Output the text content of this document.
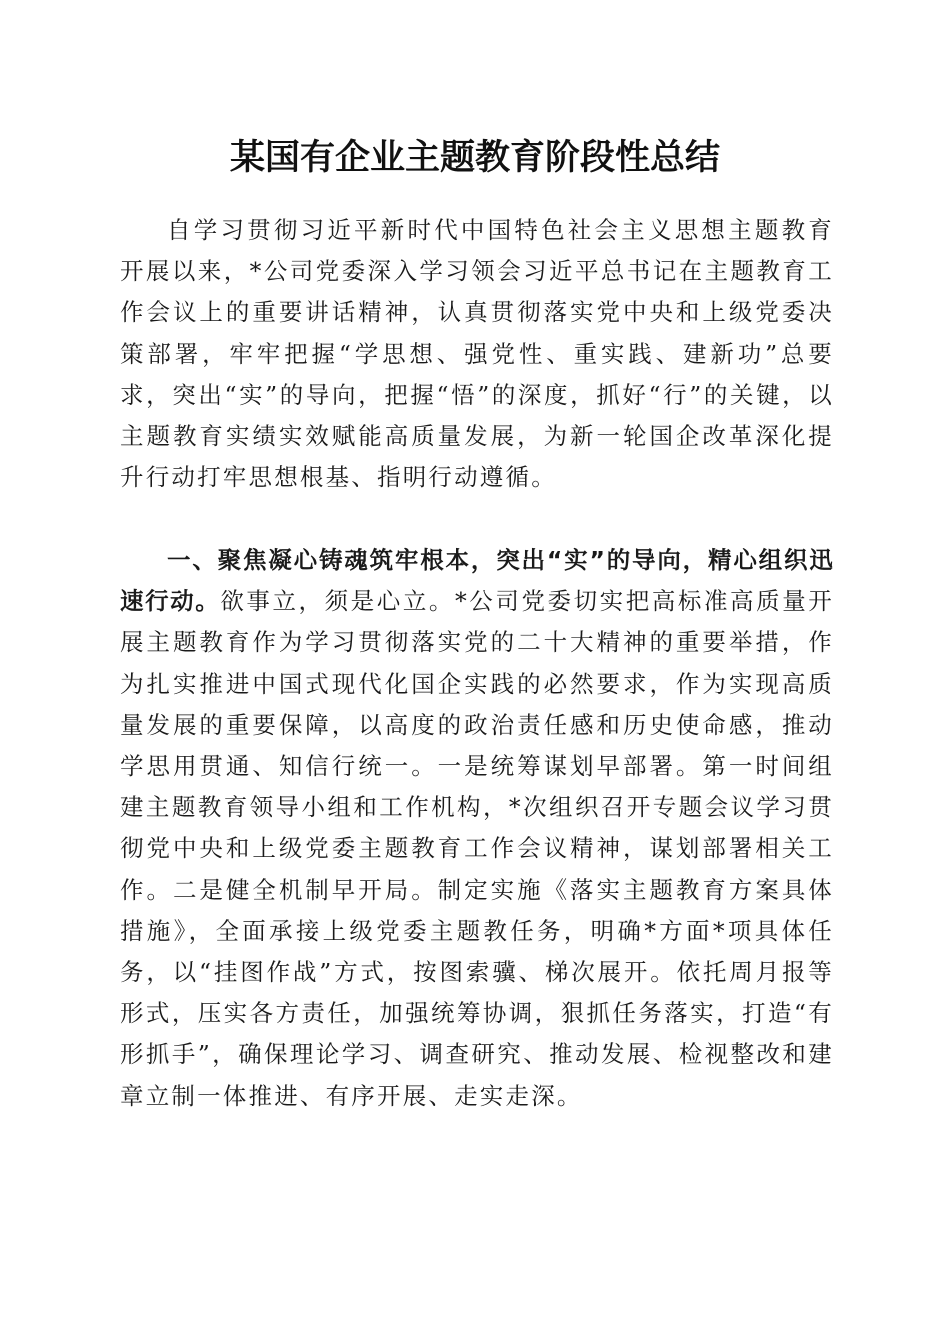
某国有企业主题教育阶段性总结

自学习贯彻习近平新时代中国特色社会主义思想主题教育开展以来，*公司党委深入学习领会习近平总书记在主题教育工作会议上的重要讲话精神，认真贯彻落实党中央和上级党委决策部署，牢牢把握“学思想、强党性、重实践、建新功”总要求，突出“实”的导向，把握“悟”的深度，抓好“行”的关键，以主题教育实绩实效赋能高质量发展，为新一轮国企改革深化提升行动打牢思想根基、指明行动遵循。

一、聚焦凝心铸魂筑牢根本，突出“实”的导向，精心组织迅速行动。欲事立，须是心立。*公司党委切实把高标准高质量开展主题教育作为学习贯彻落实党的二十大精神的重要举措，作为扎实推进中国式现代化国企实践的必然要求，作为实现高质量发展的重要保障，以高度的政治责任感和历史使命感，推动学思用贯通、知信行统一。一是统筹谋划早部署。第一时间组建主题教育领导小组和工作机构，*次组织召开专题会议学习贯彻党中央和上级党委主题教育工作会议精神，谋划部署相关工作。二是健全机制早开局。制定实施《落实主题教育方案具体措施》，全面承接上级党委主题教任务，明确*方面*项具体任务，以“挂图作战”方式，按图索骥、梯次展开。依托周月报等形式，压实各方责任，加强统筹协调，狠抓任务落实，打造“有形抓手”，确保理论学习、调查研究、推动发展、检视整改和建章立制一体推进、有序开展、走实走深。
